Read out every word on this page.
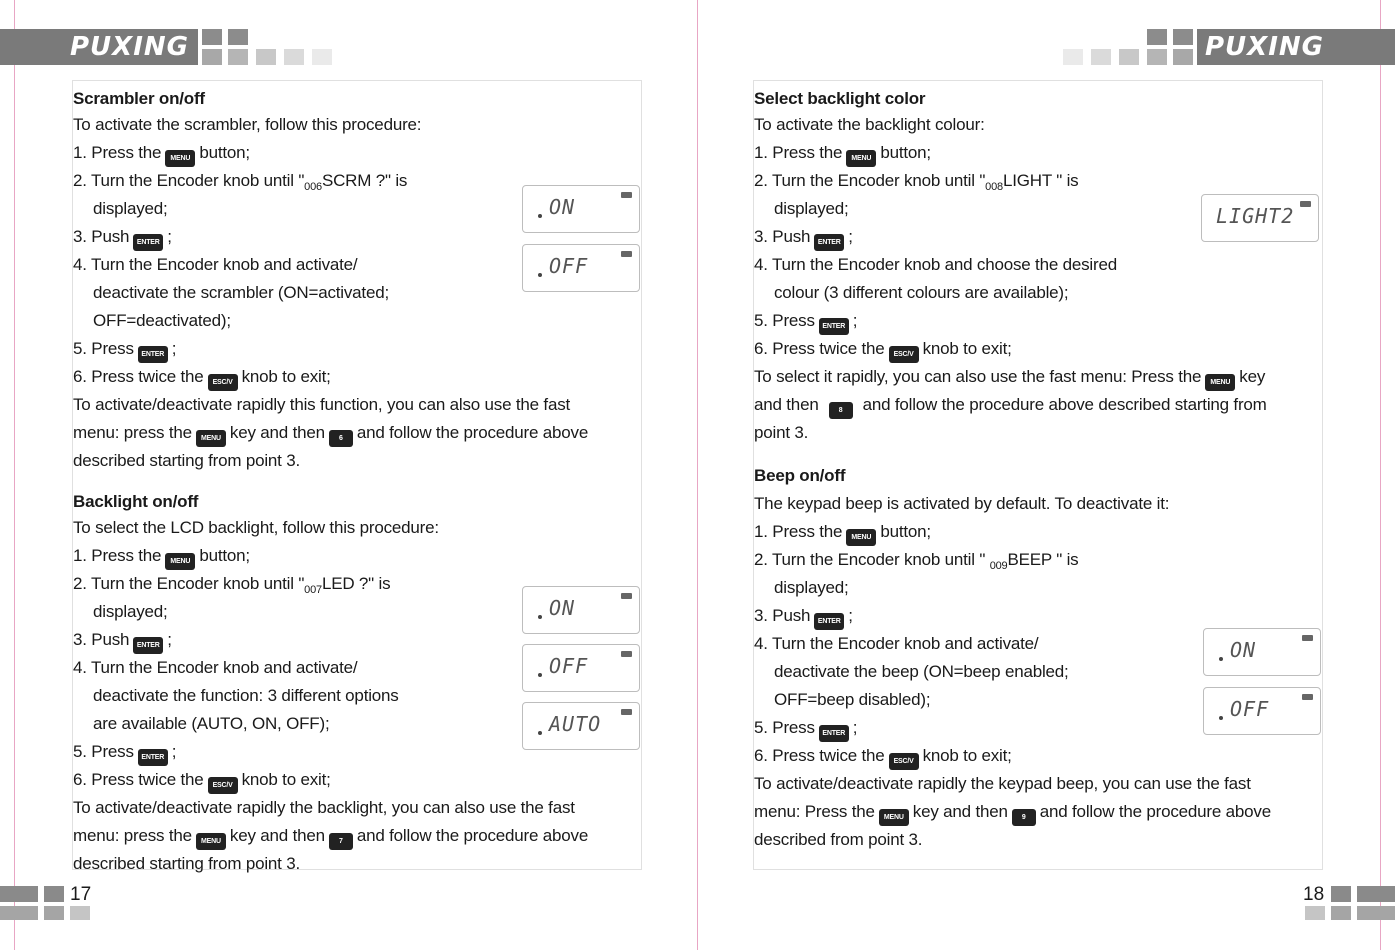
PUXING	PUXING
Scrambler on/off
To activate the scrambler, follow this procedure:
1. Press the MENU button;
2. Turn the Encoder knob until "$_{006}SCRM$ ?" is
displayed;
3. Push ENTER ;
4. Turn the Encoder knob and activate/
deactivate the scrambler (ON=activated;
OFF=deactivated);
5. Press ENTER ;
6. Press twice the ESC/V knob to exit;
To activate/deactivate rapidly this function, you can also use the fast
menu: press the MENU key and then 6 and follow the procedure above
described starting from point 3.
ON
OFF
Backlight on/off
To select the LCD backlight, follow this procedure:
1. Press the MENU button;
2. Turn the Encoder knob until "$_{007}LED$ ?" is
displayed;
3. Push ENTER ;
4. Turn the Encoder knob and activate/
deactivate the function: 3 different options
are available (AUTO, ON, OFF);
5. Press ENTER ;
6. Press twice the ESC/V knob to exit;
To activate/deactivate rapidly the backlight, you can also use the fast
menu: press the MENU key and then 7 and follow the procedure above
described starting from point 3.
ON
OFF
AUTO
Select backlight color
To activate the backlight colour:
1. Press the MENU button;
2. Turn the Encoder knob until "$_{008}LIGHT$ " is
displayed;
3. Push ENTER ;
4. Turn the Encoder knob and choose the desired
colour (3 different colours are available);
5. Press ENTER ;
6. Press twice the ESC/V knob to exit;
To select it rapidly, you can also use the fast menu: Press the MENU key
and then	8 and follow the procedure above described starting from
point 3.
LIGHT2
Beep on/off
The keypad beep is activated by default. To deactivate it:
1. Press the MENU button;
2. Turn the Encoder knob until " $_{009}$BEEP " is
displayed;
3. Push ENTER ;
4. Turn the Encoder knob and activate/
deactivate the beep (ON=beep enabled;
OFF=beep disabled);
5. Press ENTER ;
6. Press twice the ESC/V knob to exit;
To activate/deactivate rapidly the keypad beep, you can use the fast
menu: Press the MENU key and then 9 and follow the procedure above
described from point 3.
ON
OFF
17	18
